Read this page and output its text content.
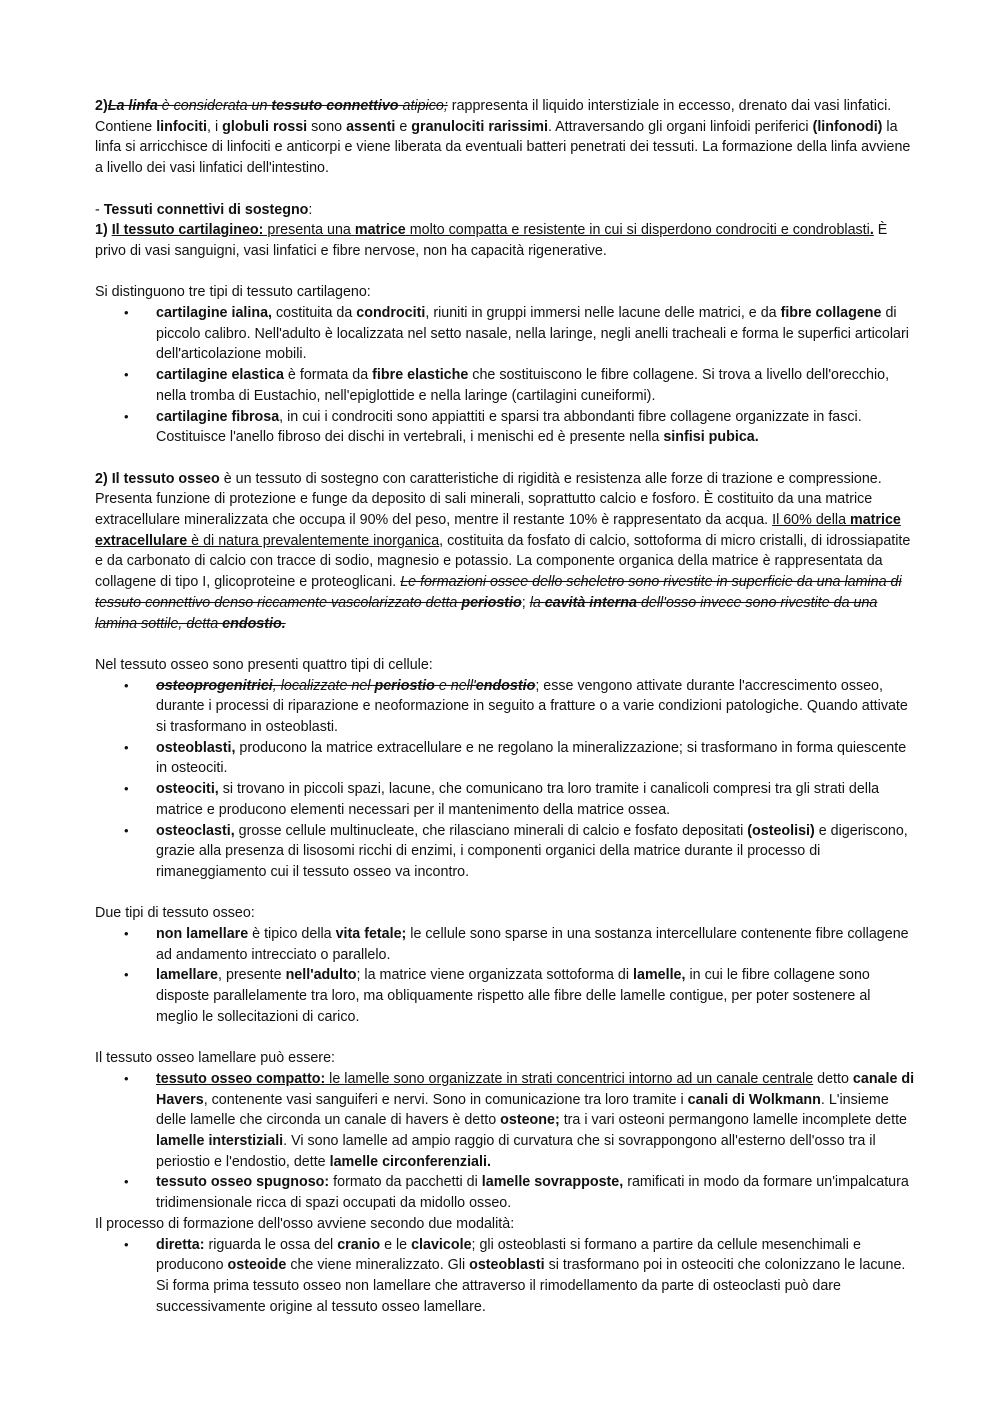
2)La linfa è considerata un tessuto connettivo atipico; rappresenta il liquido interstiziale in eccesso, drenato dai vasi linfatici. Contiene linfociti, i globuli rossi sono assenti e granulociti rarissimi. Attraversando gli organi linfoidi periferici (linfonodi) la linfa si arricchisce di linfociti e anticorpi e viene liberata da eventuali batteri penetrati dei tessuti. La formazione della linfa avviene a livello dei vasi linfatici dell'intestino.

- Tessuti connettivi di sostegno:

1) Il tessuto cartilagineo: presenta una matrice molto compatta e resistente in cui si disperdono condrociti e condroblasti. È privo di vasi sanguigni, vasi linfatici e fibre nervose, non ha capacità rigenerative.

Si distinguono tre tipi di tessuto cartilageno:

• cartilagine ialina, costituita da condrociti, riuniti in gruppi immersi nelle lacune delle matrici, e da fibre collagene di piccolo calibro. Nell'adulto è localizzata nel setto nasale, nella laringe, negli anelli tracheali e forma le superfici articolari dell'articolazione mobili.
• cartilagine elastica è formata da fibre elastiche che sostituiscono le fibre collagene. Si trova a livello dell'orecchio, nella tromba di Eustachio, nell'epiglottide e nella laringe (cartilagini cuneiformi).
• cartilagine fibrosa, in cui i condrociti sono appiattiti e sparsi tra abbondanti fibre collagene organizzate in fasci. Costituisce l'anello fibroso dei dischi in vertebrali, i menischi ed è presente nella sinfisi pubica.

2) Il tessuto osseo è un tessuto di sostegno con caratteristiche di rigidità e resistenza alle forze di trazione e compressione. Presenta funzione di protezione e funge da deposito di sali minerali, soprattutto calcio e fosforo. È costituito da una matrice extracellulare mineralizzata che occupa il 90% del peso, mentre il restante 10% è rappresentato da acqua. Il 60% della matrice extracellulare è di natura prevalentemente inorganica, costituita da fosfato di calcio, sottoforma di micro cristalli, di idrossiapatite e da carbonato di calcio con tracce di sodio, magnesio e potassio. La componente organica della matrice è rappresentata da collagene di tipo I, glicoproteine e proteoglicani. Le formazioni ossee dello scheletro sono rivestite in superficie da una lamina di tessuto connettivo denso riccamente vascolarizzato detta periostio; la cavità interna dell'osso invece sono rivestite da una lamina sottile, detta endostio.

Nel tessuto osseo sono presenti quattro tipi di cellule:

• osteoprogenitrici, localizzate nel periostio e nell'endostio; esse vengono attivate durante l'accrescimento osseo, durante i processi di riparazione e neoformazione in seguito a fratture o a varie condizioni patologiche. Quando attivate si trasformano in osteoblasti.
• osteoblasti, producono la matrice extracellulare e ne regolano la mineralizzazione; si trasformano in forma quiescente in osteociti.
• osteociti, si trovano in piccoli spazi, lacune, che comunicano tra loro tramite i canalicoli compresi tra gli strati della matrice e producono elementi necessari per il mantenimento della matrice ossea.
• osteoclasti, grosse cellule multinucleate, che rilasciano minerali di calcio e fosfato depositati (osteolisi) e digeriscono, grazie alla presenza di lisosomi ricchi di enzimi, i componenti organici della matrice durante il processo di rimaneggiamento cui il tessuto osseo va incontro.

Due tipi di tessuto osseo:

• non lamellare è tipico della vita fetale; le cellule sono sparse in una sostanza intercellulare contenente fibre collagene ad andamento intrecciato o parallelo.
• lamellare, presente nell'adulto; la matrice viene organizzata sottoforma di lamelle, in cui le fibre collagene sono disposte parallelamente tra loro, ma obliquamente rispetto alle fibre delle lamelle contigue, per poter sostenere al meglio le sollecitazioni di carico.

Il tessuto osseo lamellare può essere:

• tessuto osseo compatto: le lamelle sono organizzate in strati concentrici intorno ad un canale centrale detto canale di Havers, contenente vasi sanguiferi e nervi. Sono in comunicazione tra loro tramite i canali di Wolkmann. L'insieme delle lamelle che circonda un canale di havers è detto osteone; tra i vari osteoni permangono lamelle incomplete dette lamelle interstiziali. Vi sono lamelle ad ampio raggio di curvatura che si sovrappongono all'esterno dell'osso tra il periostio e l'endostio, dette lamelle circonferenziali.
• tessuto osseo spugnoso: formato da pacchetti di lamelle sovrapposte, ramificati in modo da formare un'impalcatura tridimensionale ricca di spazi occupati da midollo osseo.

Il processo di formazione dell'osso avviene secondo due modalità:

• diretta: riguarda le ossa del cranio e le clavicole; gli osteoblasti si formano a partire da cellule mesenchimali e producono osteoide che viene mineralizzato. Gli osteoblasti si trasformano poi in osteociti che colonizzano le lacune. Si forma prima tessuto osseo non lamellare che attraverso il rimodellamento da parte di osteoclasti può dare successivamente origine al tessuto osseo lamellare.
